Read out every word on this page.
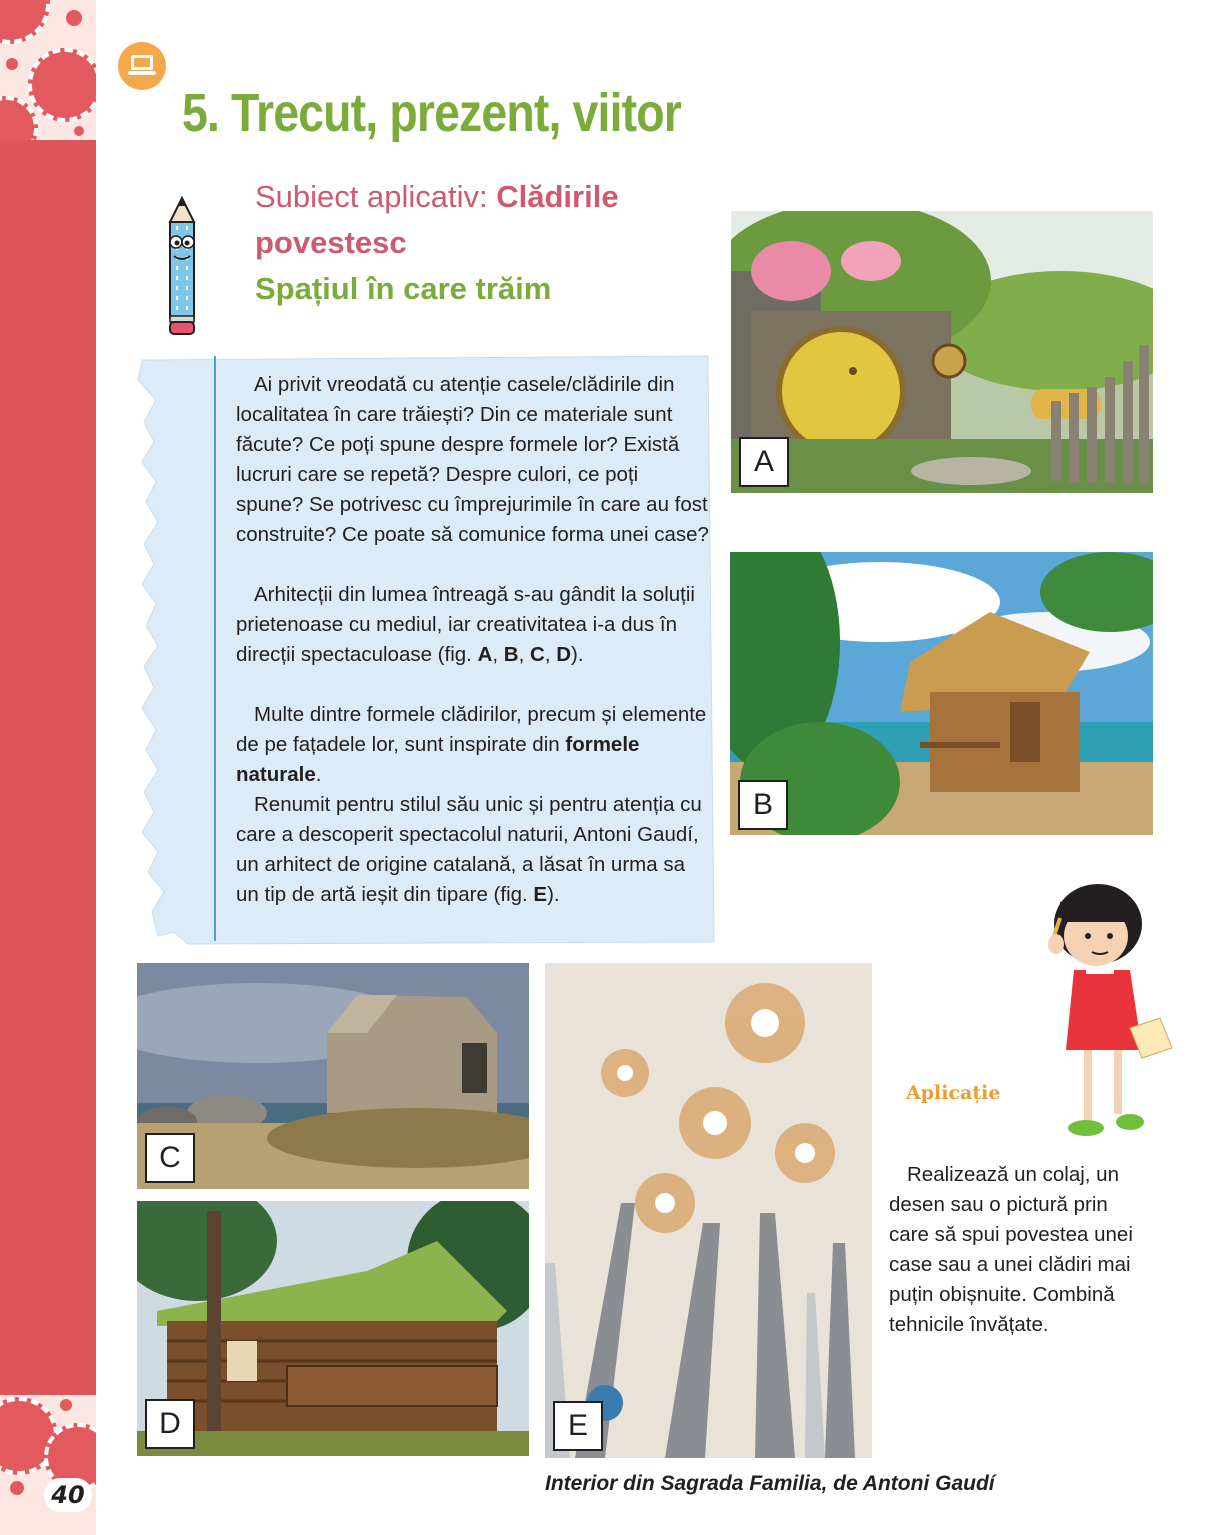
40
5. Trecut, prezent, viitor
Subiect aplicativ: Clădirile povestesc
Spațiul în care trăim

Ai privit vreodată cu atenție casele/clădirile din localitatea în care trăiești? Din ce materiale sunt făcute? Ce poți spune despre formele lor? Există lucruri care se repetă? Despre culori, ce poți spune? Se potrivesc cu împrejurimile în care au fost construite? Ce poate să comunice forma unei case?

Arhitecții din lumea întreagă s-au gândit la soluții prietenoase cu mediul, iar creativitatea i-a dus în direcții spectaculoase (fig. A, B, C, D).

Multe dintre formele clădirilor, precum și elemente de pe fațadele lor, sunt inspirate din formele naturale.

Renumit pentru stilul său unic și pentru atenția cu care a descoperit spectacolul naturii, Antoni Gaudí, un arhitect de origine catalană, a lăsat în urma sa un tip de artă ieșit din tipare (fig. E).

A
B
C
D	E
Aplicație

Realizează un colaj, un desen sau o pictură prin care să spui povestea unei case sau a unei clădiri mai puțin obișnuite. Combină tehnicile învățate.

Interior din Sagrada Familia, de Antoni Gaudí
